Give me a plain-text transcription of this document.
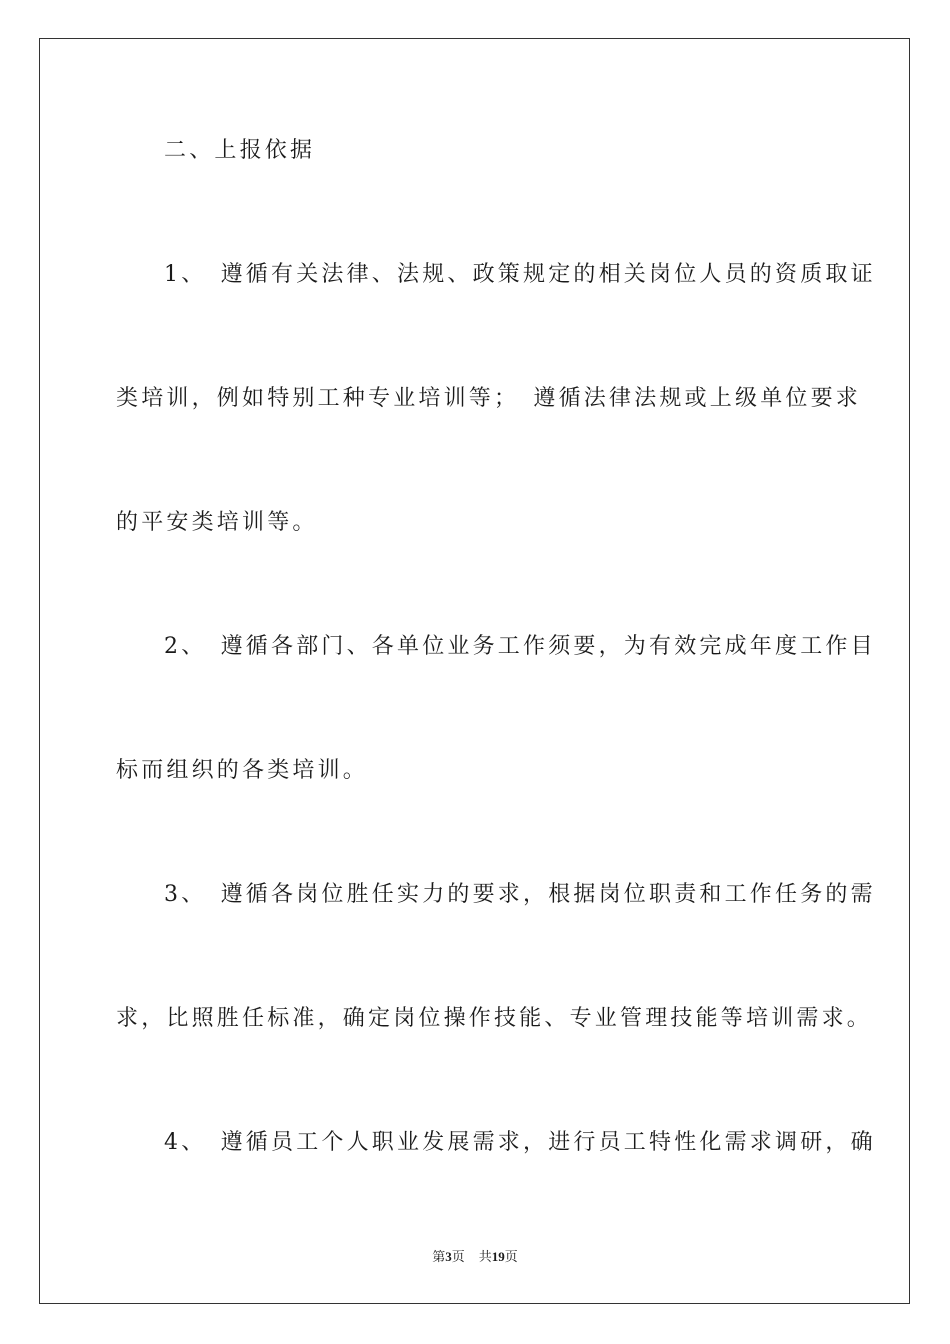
二、上报依据
1、　遵循有关法律、法规、政策规定的相关岗位人员的资质取证
类培训，例如特别工种专业培训等；　遵循法律法规或上级单位要求
的平安类培训等。
2、　遵循各部门、各单位业务工作须要，为有效完成年度工作目
标而组织的各类培训。
3、　遵循各岗位胜任实力的要求，根据岗位职责和工作任务的需
求，比照胜任标准，确定岗位操作技能、专业管理技能等培训需求。
4、　遵循员工个人职业发展需求，进行员工特性化需求调研，确
第3页 共19页
